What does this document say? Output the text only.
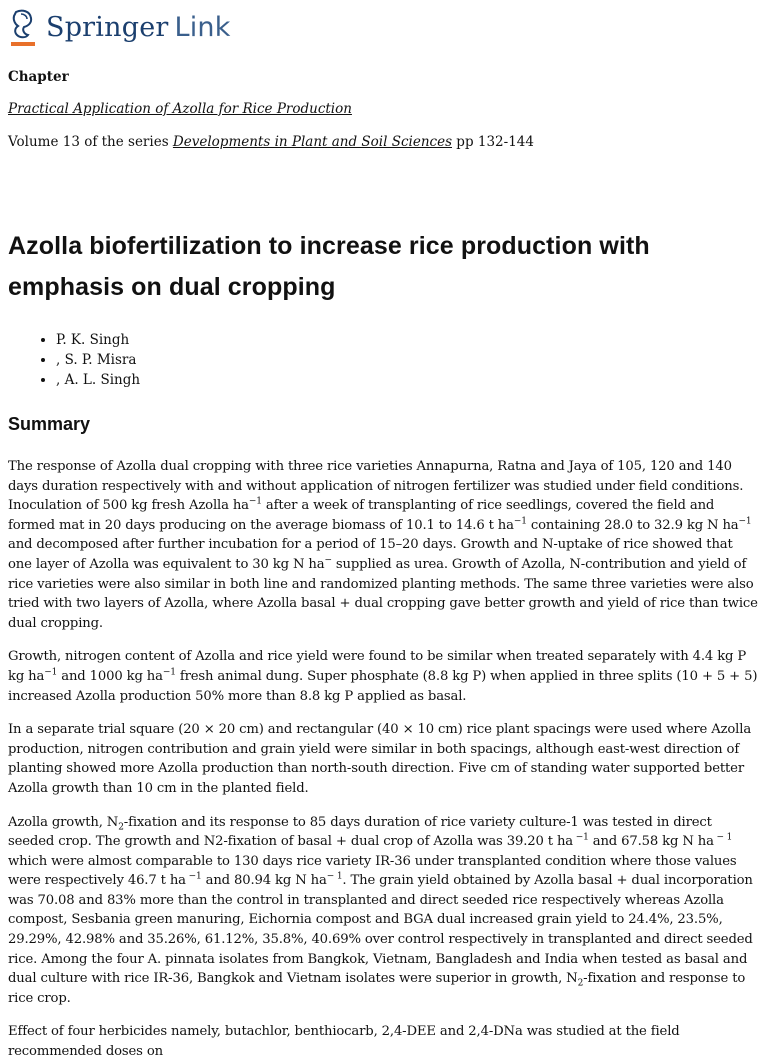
Springer Link
Chapter
Practical Application of Azolla for Rice Production
Volume 13 of the series Developments in Plant and Soil Sciences pp 132-144
Azolla biofertilization to increase rice production with emphasis on dual cropping
• P. K. Singh
• , S. P. Misra
• , A. L. Singh
Summary

The response of Azolla dual cropping with three rice varieties Annapurna, Ratna and Jaya of 105, 120 and 140 days duration respectively with and without application of nitrogen fertilizer was studied under field conditions. Inoculation of 500 kg fresh Azolla $ha^{-1}$ after a week of transplanting of rice seedlings, covered the field and formed mat in 20 days producing on the average biomass of 10.1 to 14.6 t $ha^{-1}$ containing 28.0 to 32.9 kg N $ha^{-1}$ and decomposed after further incubation for a period of 15–20 days. Growth and N-uptake of rice showed that one layer of Azolla was equivalent to 30 kg N ha− supplied as urea. Growth of Azolla, N-contribution and yield of rice varieties were also similar in both line and randomized planting methods. The same three varieties were also tried with two layers of Azolla, where Azolla basal + dual cropping gave better growth and yield of rice than twice dual cropping.

Growth, nitrogen content of Azolla and rice yield were found to be similar when treated separately with 4.4 kg P kg $ha^{-1}$ and 1000 kg $ha^{-1}$ fresh animal dung. Super phosphate (8.8 kg P) when applied in three splits (10 + 5 + 5) increased Azolla production 50% more than 8.8 kg P applied as basal.

In a separate trial square (20 × 20 cm) and rectangular (40 × 10 cm) rice plant spacings were used where Azolla production, nitrogen contribution and grain yield were similar in both spacings, although east-west direction of planting showed more Azolla production than north-south direction. Five cm of standing water supported better Azolla growth than 10 cm in the planted field.

Azolla growth, $N_2$-fixation and its response to 85 days duration of rice variety culture-1 was tested in direct seeded crop. The growth and N2-fixation of basal + dual crop of Azolla was 39.20 t ha $^{-1}$ and 67.58 kg N ha $^{- 1}$ which were almost comparable to 130 days rice variety IR-36 under transplanted condition where those values were respectively 46.7 t ha $^{-1}$ and 80.94 kg N $ha^{- 1}$. The grain yield obtained by Azolla basal + dual incorporation was 70.08 and 83% more than the control in transplanted and direct seeded rice respectively whereas Azolla compost, Sesbania green manuring, Eichornia compost and BGA dual increased grain yield to 24.4%, 23.5%, 29.29%, 42.98% and 35.26%, 61.12%, 35.8%, 40.69% over control respectively in transplanted and direct seeded rice. Among the four A. pinnata isolates from Bangkok, Vietnam, Bangladesh and India when tested as basal and dual culture with rice IR-36, Bangkok and Vietnam isolates were superior in growth, $N_2$-fixation and response to rice crop.

Effect of four herbicides namely, butachlor, benthiocarb, 2,4-DEE and 2,4-DNa was studied at the field recommended doses on
